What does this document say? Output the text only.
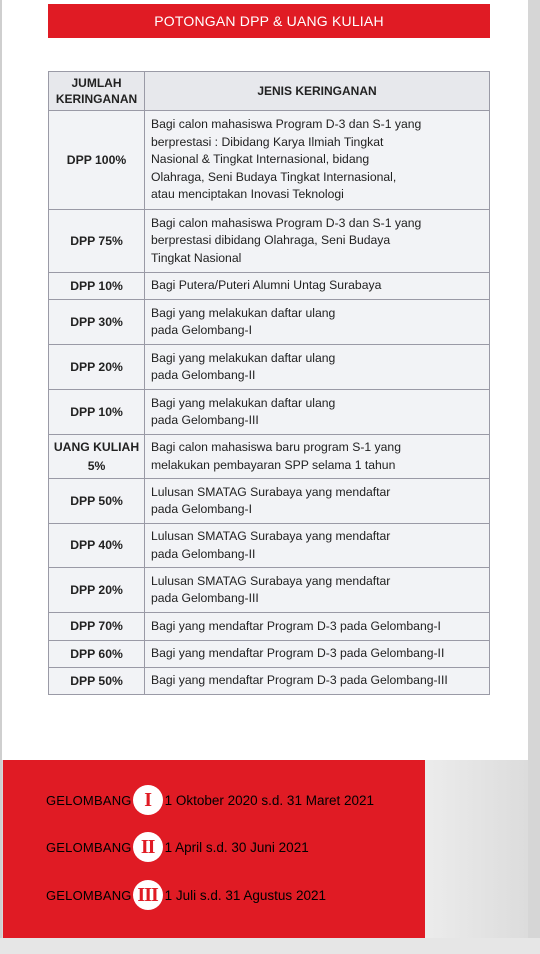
POTONGAN DPP & UANG KULIAH
JUMLAH
KERINGANAN	JENIS KERINGANAN
DPP 100%	Bagi calon mahasiswa Program D-3 dan S-1 yang
berprestasi : Dibidang Karya Ilmiah Tingkat
Nasional & Tingkat Internasional, bidang
Olahraga, Seni Budaya Tingkat Internasional,
atau menciptakan Inovasi Teknologi
DPP 75%	Bagi calon mahasiswa Program D-3 dan S-1 yang
berprestasi dibidang Olahraga, Seni Budaya
Tingkat Nasional
DPP 10%	Bagi Putera/Puteri Alumni Untag Surabaya
DPP 30%	Bagi yang melakukan daftar ulang
pada Gelombang-I
DPP 20%	Bagi yang melakukan daftar ulang
pada Gelombang-II
DPP 10%	Bagi yang melakukan daftar ulang
pada Gelombang-III
UANG KULIAH
5%	Bagi calon mahasiswa baru program S-1 yang
melakukan pembayaran SPP selama 1 tahun
DPP 50%	Lulusan SMATAG Surabaya yang mendaftar
pada Gelombang-I
DPP 40%	Lulusan SMATAG Surabaya yang mendaftar
pada Gelombang-II
DPP 20%	Lulusan SMATAG Surabaya yang mendaftar
pada Gelombang-III
DPP 70%	Bagi yang mendaftar Program D-3 pada Gelombang-I
DPP 60%	Bagi yang mendaftar Program D-3 pada Gelombang-II
DPP 50%	Bagi yang mendaftar Program D-3 pada Gelombang-III
GELOMBANG I	1 Oktober 2020 s.d. 31 Maret 2021
GELOMBANG II 1 April s.d. 30 Juni 2021
GELOMBANG III 1 Juli s.d. 31 Agustus 2021
